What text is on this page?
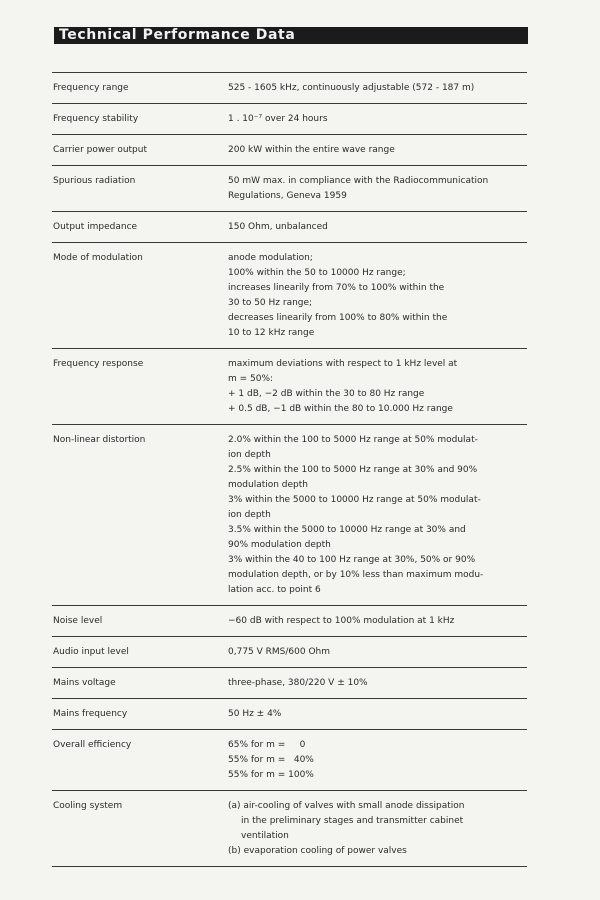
Technical Performance Data
Frequency range	525 - 1605 kHz, continuously adjustable (572 - 187 m)
Frequency stability	1 . 10⁻⁷ over 24 hours
Carrier power output	200 kW within the entire wave range
Spurious radiation	50 mW max. in compliance with the Radiocommunication
Regulations, Geneva 1959
Output impedance	150 Ohm, unbalanced
Mode of modulation	anode modulation;
100% within the 50 to 10000 Hz range;
increases linearily from 70% to 100% within the
30 to 50 Hz range;
decreases linearily from 100% to 80% within the
10 to 12 kHz range
Frequency response	maximum deviations with respect to 1 kHz level at
m = 50%:
+ 1 dB, −2 dB within the 30 to 80 Hz range
+ 0.5 dB, −1 dB within the 80 to 10.000 Hz range
Non-linear distortion	2.0% within the 100 to 5000 Hz range at 50% modulat-
ion depth
2.5% within the 100 to 5000 Hz range at 30% and 90%
modulation depth
3% within the 5000 to 10000 Hz range at 50% modulat-
ion depth
3.5% within the 5000 to 10000 Hz range at 30% and
90% modulation depth
3% within the 40 to 100 Hz range at 30%, 50% or 90%
modulation depth, or by 10% less than maximum modu-
lation acc. to point 6
Noise level	−60 dB with respect to 100% modulation at 1 kHz
Audio input level	0,775 V RMS/600 Ohm
Mains voltage	three-phase, 380/220 V ± 10%
Mains frequency	50 Hz ± 4%
Overall efficiency	65% for m =     0
55% for m =   40%
55% for m = 100%
Cooling system	(a) air-cooling of valves with small anode dissipation
in the preliminary stages and transmitter cabinet
ventilation
(b) evaporation cooling of power valves
